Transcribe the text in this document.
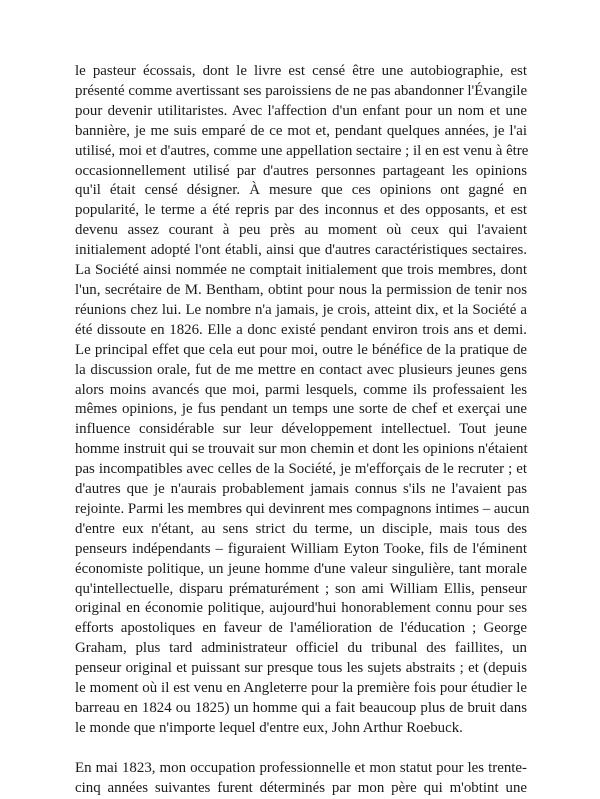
le pasteur écossais, dont le livre est censé être une autobiographie, est
présenté comme avertissant ses paroissiens de ne pas abandonner l'Évangile
pour devenir utilitaristes. Avec l'affection d'un enfant pour un nom et une
bannière, je me suis emparé de ce mot et, pendant quelques années, je l'ai
utilisé, moi et d'autres, comme une appellation sectaire ; il en est venu à être
occasionnellement utilisé par d'autres personnes partageant les opinions
qu'il était censé désigner. À mesure que ces opinions ont gagné en
popularité, le terme a été repris par des inconnus et des opposants, et est
devenu assez courant à peu près au moment où ceux qui l'avaient
initialement adopté l'ont établi, ainsi que d'autres caractéristiques sectaires.
La Société ainsi nommée ne comptait initialement que trois membres, dont
l'un, secrétaire de M. Bentham, obtint pour nous la permission de tenir nos
réunions chez lui. Le nombre n'a jamais, je crois, atteint dix, et la Société a
été dissoute en 1826. Elle a donc existé pendant environ trois ans et demi.
Le principal effet que cela eut pour moi, outre le bénéfice de la pratique de
la discussion orale, fut de me mettre en contact avec plusieurs jeunes gens
alors moins avancés que moi, parmi lesquels, comme ils professaient les
mêmes opinions, je fus pendant un temps une sorte de chef et exerçai une
influence considérable sur leur développement intellectuel. Tout jeune
homme instruit qui se trouvait sur mon chemin et dont les opinions n'étaient
pas incompatibles avec celles de la Société, je m'efforçais de le recruter ; et
d'autres que je n'aurais probablement jamais connus s'ils ne l'avaient pas
rejointe. Parmi les membres qui devinrent mes compagnons intimes – aucun
d'entre eux n'étant, au sens strict du terme, un disciple, mais tous des
penseurs indépendants – figuraient William Eyton Tooke, fils de l'éminent
économiste politique, un jeune homme d'une valeur singulière, tant morale
qu'intellectuelle, disparu prématurément ; son ami William Ellis, penseur
original en économie politique, aujourd'hui honorablement connu pour ses
efforts apostoliques en faveur de l'amélioration de l'éducation ; George
Graham, plus tard administrateur officiel du tribunal des faillites, un
penseur original et puissant sur presque tous les sujets abstraits ; et (depuis
le moment où il est venu en Angleterre pour la première fois pour étudier le
barreau en 1824 ou 1825) un homme qui a fait beaucoup plus de bruit dans
le monde que n'importe lequel d'entre eux, John Arthur Roebuck.
En mai 1823, mon occupation professionnelle et mon statut pour les trente-
cinq années suivantes furent déterminés par mon père qui m'obtint une
